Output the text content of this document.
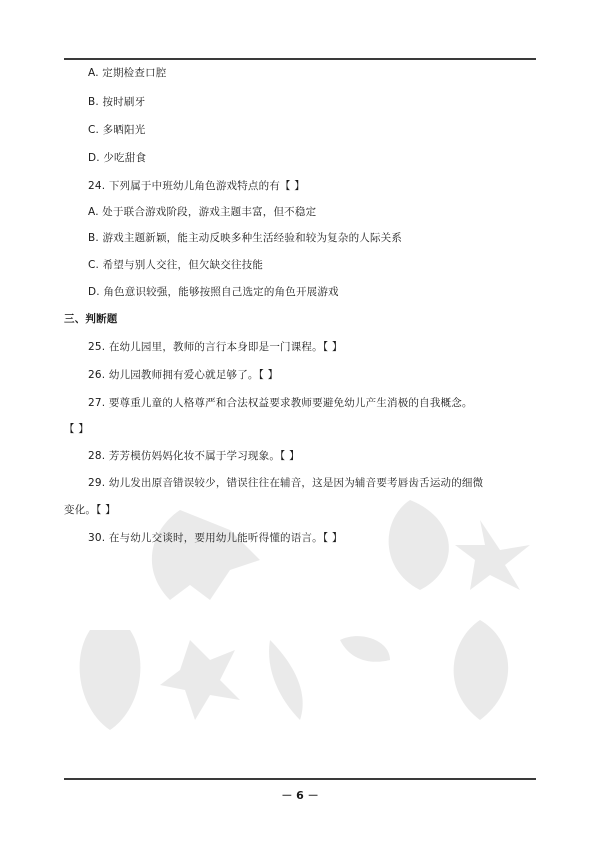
A. 定期检查口腔
B. 按时刷牙
C. 多晒阳光
D. 少吃甜食
24. 下列属于中班幼儿角色游戏特点的有【 】
A. 处于联合游戏阶段，游戏主题丰富，但不稳定
B. 游戏主题新颖，能主动反映多种生活经验和较为复杂的人际关系
C. 希望与别人交往，但欠缺交往技能
D. 角色意识较强，能够按照自己选定的角色开展游戏
三、判断题
25. 在幼儿园里，教师的言行本身即是一门课程。【 】
26. 幼儿园教师拥有爱心就足够了。【 】
27. 要尊重儿童的人格尊严和合法权益要求教师要避免幼儿产生消极的自我概念。
【 】
28. 芳芳模仿妈妈化妆不属于学习现象。【 】
29. 幼儿发出原音错误较少，错误往往在辅音，这是因为辅音要考唇齿舌运动的细微
变化。【 】
30. 在与幼儿交谈时，要用幼儿能听得懂的语言。【 】
－ 6 －
